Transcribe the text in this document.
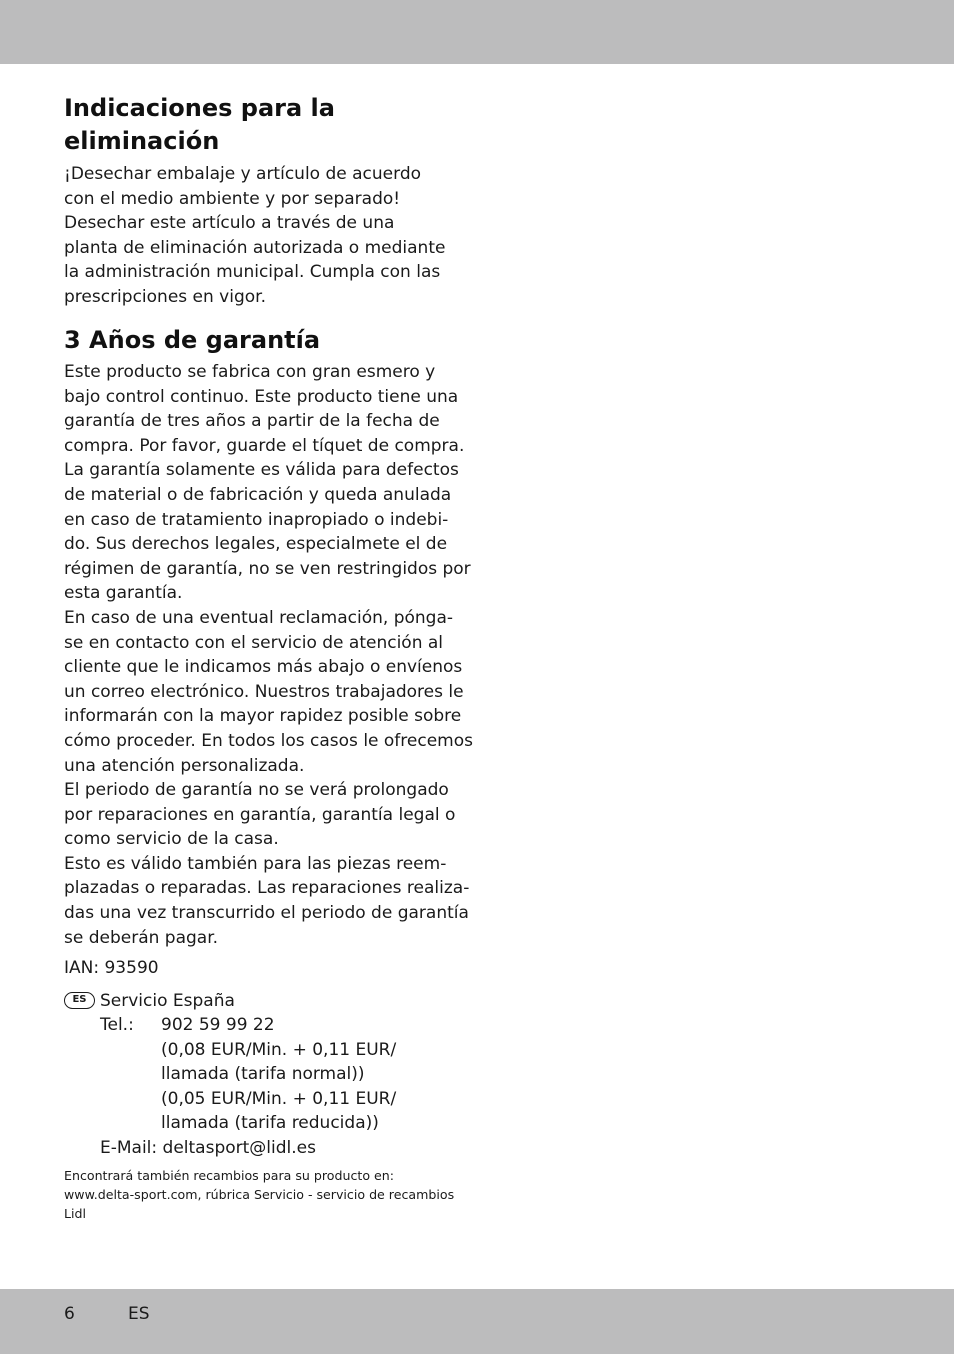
Indicaciones para la
eliminación

¡Desechar embalaje y artículo de acuerdo
con el medio ambiente y por separado!
Desechar este artículo a través de una
planta de eliminación autorizada o mediante
la administración municipal. Cumpla con las
prescripciones en vigor.

3 Años de garantía

Este producto se fabrica con gran esmero y
bajo control continuo. Este producto tiene una
garantía de tres años a partir de la fecha de
compra. Por favor, guarde el tíquet de compra.
La garantía solamente es válida para defectos
de material o de fabricación y queda anulada
en caso de tratamiento inapropiado o indebi-
do. Sus derechos legales, especialmete el de
régimen de garantía, no se ven restringidos por
esta garantía.
En caso de una eventual reclamación, pónga-
se en contacto con el servicio de atención al
cliente que le indicamos más abajo o envíenos
un correo electrónico. Nuestros trabajadores le
informarán con la mayor rapidez posible sobre
cómo proceder. En todos los casos le ofrecemos
una atención personalizada.
El periodo de garantía no se verá prolongado
por reparaciones en garantía, garantía legal o
como servicio de la casa.
Esto es válido también para las piezas reem-
plazadas o reparadas. Las reparaciones realiza-
das una vez transcurrido el periodo de garantía
se deberán pagar.

IAN: 93590

ES Servicio España
Tel.: 902 59 99 22
(0,08 EUR/Min. + 0,11 EUR/
llamada (tarifa normal))
(0,05 EUR/Min. + 0,11 EUR/
llamada (tarifa reducida))
E-Mail: deltasport@lidl.es

Encontrará también recambios para su producto en:
www.delta-sport.com, rúbrica Servicio - servicio de recambios
Lidl

6	ES
